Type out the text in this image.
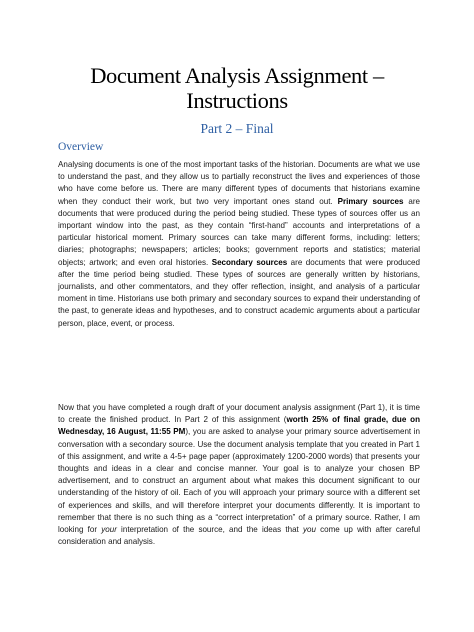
Document Analysis Assignment –
Instructions
Part 2 – Final
Overview

Analysing documents is one of the most important tasks of the historian. Documents are what we use to understand the past, and they allow us to partially reconstruct the lives and experiences of those who have come before us. There are many different types of documents that historians examine when they conduct their work, but two very important ones stand out. Primary sources are documents that were produced during the period being studied. These types of sources offer us an important window into the past, as they contain “first-hand” accounts and interpretations of a particular historical moment. Primary sources can take many different forms, including: letters; diaries; photographs; newspapers; articles; books; government reports and statistics; material objects; artwork; and even oral histories. Secondary sources are documents that were produced after the time period being studied. These types of sources are generally written by historians, journalists, and other commentators, and they offer reflection, insight, and analysis of a particular moment in time. Historians use both primary and secondary sources to expand their understanding of the past, to generate ideas and hypotheses, and to construct academic arguments about a particular person, place, event, or process.

Now that you have completed a rough draft of your document analysis assignment (Part 1), it is time to create the finished product. In Part 2 of this assignment (worth 25% of final grade, due on Wednesday, 16 August, 11:55 PM), you are asked to analyse your primary source advertisement in conversation with a secondary source. Use the document analysis template that you created in Part 1 of this assignment, and write a 4-5+ page paper (approximately 1200-2000 words) that presents your thoughts and ideas in a clear and concise manner. Your goal is to analyze your chosen BP advertisement, and to construct an argument about what makes this document significant to our understanding of the history of oil. Each of you will approach your primary source with a different set of experiences and skills, and will therefore interpret your documents differently. It is important to remember that there is no such thing as a “correct interpretation” of a primary source. Rather, I am looking for your interpretation of the source, and the ideas that you come up with after careful consideration and analysis.
